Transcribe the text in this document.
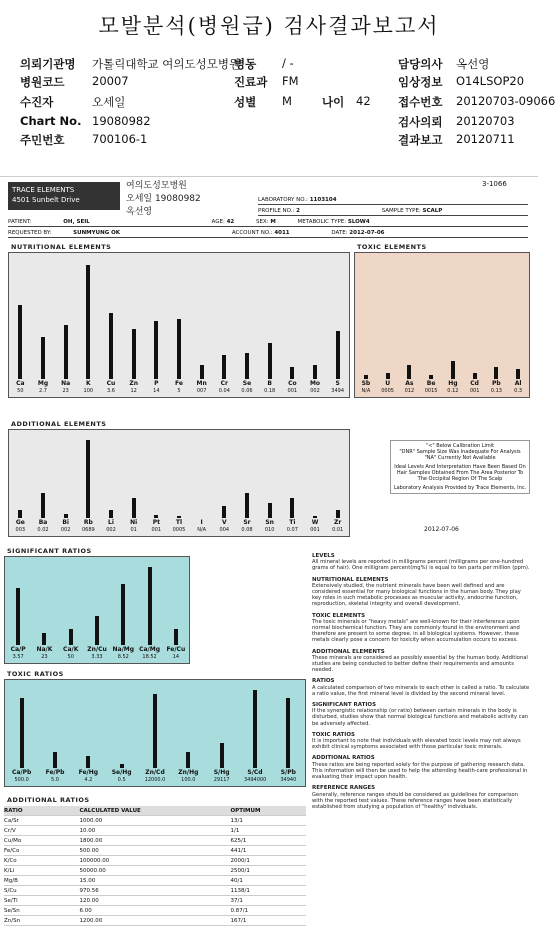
모발분석(병원급) 검사결과보고서
의뢰기관명 가톨릭대학교 여의도성모병원
병동 / -	담당의사 옥선영
병원코드 20007	진료과 FM	임상정보 O14LSOP20
수진자	오세일	성별 M	나이 42 접수번호 20120703-09066
Chart No. 19080982	검사의뢰 20120703
주민번호 700106-1	결과보고 20120711
TRACE ELEMENTS
4501 Sunbelt Drive
여의도성모병원
오세일 19080982
옥선영
3-1066
LABORATORY NO.: 1103104
PROFILE NO.: 2	SAMPLE TYPE: SCALP
PATIENT:	OH, SEIL	AGE: 42	SEX: M	METABOLIC TYPE: SLOW4
REQUESTED BY:	SUNMYUNG OK	ACCOUNT NO.: 4011	DATE: 2012-07-06
NUTRITIONAL ELEMENTS
Ca
50
Mg
2.7
Na
23
K
100
Cu
3.6
Zn
12
P
14
Fe
5
Mn
007
Cr
0.04
Se
0.06
B
0.18
Co
001
Mo
002
S
3494
TOXIC ELEMENTS
Sb
N/A
U
0005
As
012
Be
0015
Hg
0.12
Cd
001
Pb
0.13
Al
0.3
ADDITIONAL ELEMENTS
Ge
003
Ba
0.02
Bi
002
Rb
0689
Li
002
Ni
01
Pt
001
Tl
0005
I
N/A
V
004
Sr
0.08
Sn
010
Ti
0.07
W
001
Zr
0.01
"<" Below Calibration Limit
"DNR" Sample Size Was Inadequate For Analysis
"NA" Currently Not Available
Ideal Levels And Interpretation Have Been Based On Hair Samples Obtained From The Area Posterior To The Occipital Region Of The Scalp
Laboratory Analysis Provided by Trace Elements, Inc.
2012-07-06
SIGNIFICANT RATIOS
Ca/P
3.57
Na/K
23
Ca/K
50
Zn/Cu
3.33
Na/Mg
8.52
Ca/Mg
18.52
Fe/Cu
14
TOXIC RATIOS
Ca/Pb
500.0
Fe/Pb
5.0
Fe/Hg
4.2
Se/Hg
0.5
Zn/Cd
12000.0
Zn/Hg
100.0
S/Hg
29117
S/Cd
3494000
S/Pb
34940
ADDITIONAL RATIOS
RATIO	CALCULATED VALUE	OPTIMUM
Ca/Sr	1000.00	13/1
Cr/V	10.00	1/1
Cu/Mo	1800.00	625/1
Fe/Co	500.00	441/1
K/Co	100000.00	2000/1
K/Li	50000.00	2500/1
Mg/B	15.00	40/1
S/Cu	970.56	1138/1
Se/Tl	120.00	37/1
Se/Sn	6.00	0.87/1
Zn/Sn	1200.00	167/1
LEVELS

All mineral levels are reported in milligrams percent (milligrams per one-hundred grams of hair). One milligram percent(mg%) is equal to ten parts per million (ppm).

NUTRITIONAL ELEMENTS

Extensively studied, the nutrient minerals have been well defined and are considered essential for many biological functions in the human body. They play key roles in such metabolic processes as muscular activity, endocrine function, reproduction, skeletal integrity and overall development.

TOXIC ELEMENTS

The toxic minerals or "heavy metals" are well-known for their interference upon normal biochemical function. They are commonly found in the environment and therefore are present to some degree, in all biological systems. However, these metals clearly pose a concern for toxicity when accumulation occurs to excess.

ADDITIONAL ELEMENTS

These minerals are considered as possibly essential by the human body. Additional studies are being conducted to better define their requirements and amounts needed.

RATIOS

A calculated comparison of two minerals to each other is called a ratio. To calculate a ratio value, the first mineral level is divided by the second mineral level.

SIGNIFICANT RATIOS

If the synergistic relationship (or ratio) between certain minerals in the body is disturbed, studies show that normal biological functions and metabolic activity can be adversely affected.

TOXIC RATIOS

It is important to note that individuals with elevated toxic levels may not always exhibit clinical symptoms associated with those particular toxic minerals.

ADDITIONAL RATIOS

These ratios are being reported solely for the purpose of gathering research data. This information will then be used to help the attending health-care professional in evaluating their impact upon health.

REFERENCE RANGES

Generally, reference ranges should be considered as guidelines for comparison with the reported test values. These reference ranges have been statistically established from studying a population of "healthy" individuals.
